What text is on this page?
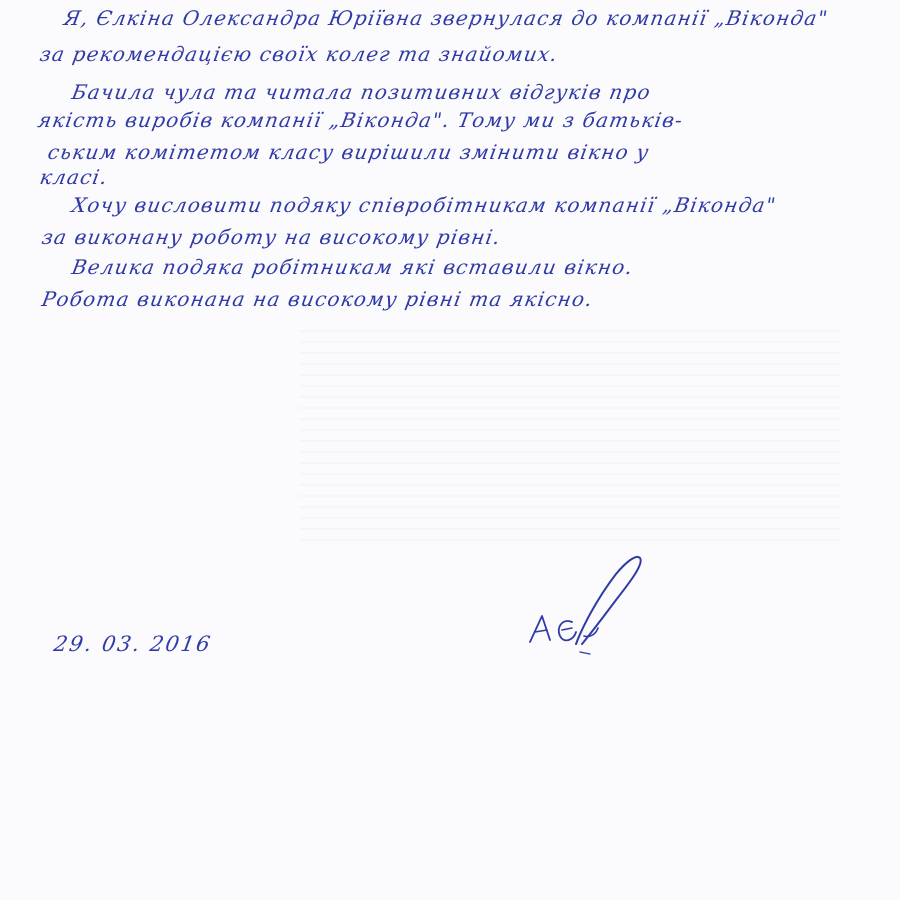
Я, Єлкіна Олександра Юріївна звернулася до компанії „Віконда"
за рекомендацією своїх колег та знайомих.
Бачила чула та читала позитивних відгуків про
якість виробів компанії „Віконда". Тому ми з батьків-
ським комітетом класу вирішили змінити вікно у
класі.
Хочу висловити подяку співробітникам компанії „Віконда"
за виконану роботу на високому рівні.
Велика подяка робітникам які вставили вікно.
Робота виконана на високому рівні та якісно.
29. 03. 2016
